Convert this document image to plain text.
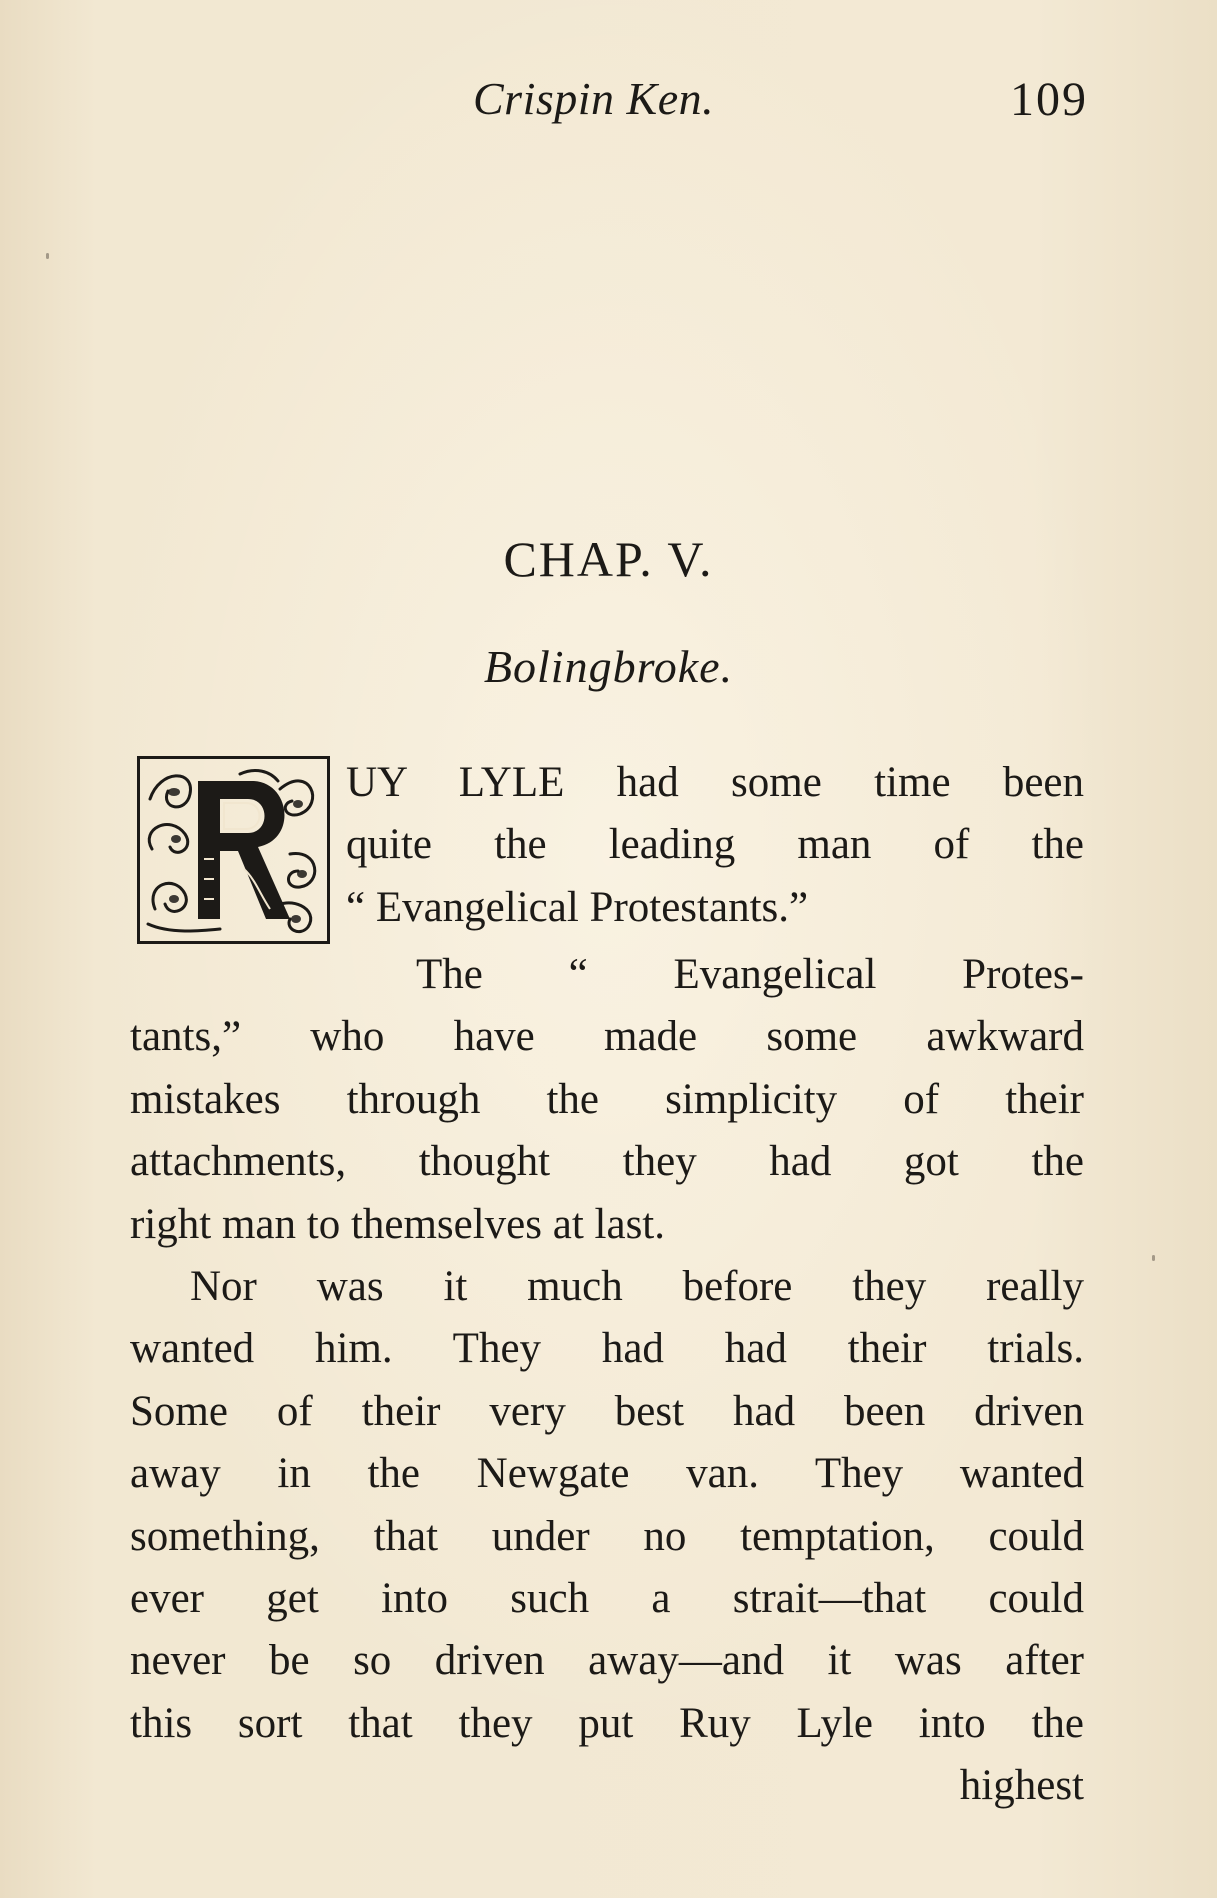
Crispin Ken.	109
CHAP. V.
Bolingbroke.
UY LYLE had some time been
quite the leading man of the
“ Evangelical Protestants.”
The “ Evangelical Protes-
tants,” who have made some awkward
mistakes through the simplicity of their
attachments, thought they had got the
right man to themselves at last.
Nor was it much before they really
wanted him. They had had their trials.
Some of their very best had been driven
away in the Newgate van. They wanted
something, that under no temptation, could
ever get into such a strait—that could
never be so driven away—and it was after
this sort that they put Ruy Lyle into the
highest
